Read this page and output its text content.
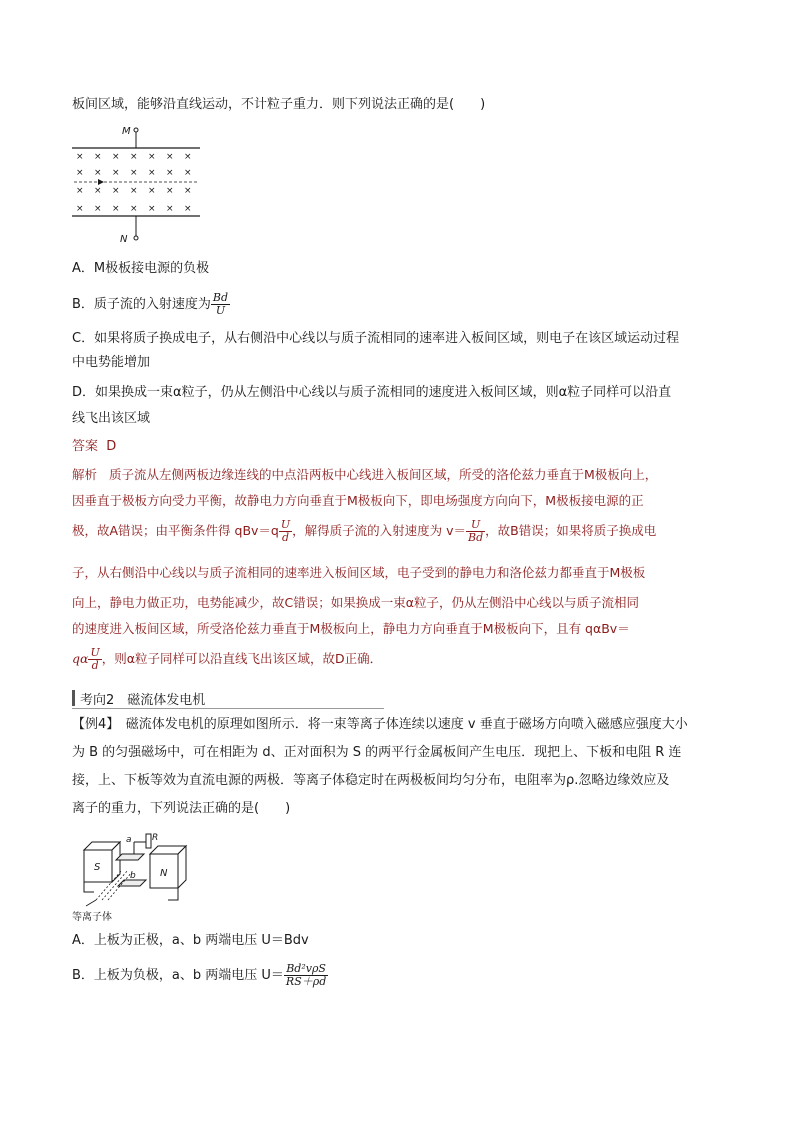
板间区域，能够沿直线运动，不计粒子重力．则下列说法正确的是(　　)
M
N
× × × × × × ×
× × × × × × ×
× × × × × × ×
× × × × × × ×
A．M极板接电源的负极
B．质子流的入射速度为 $\frac{Bd}{U}$
C．如果将质子换成电子，从右侧沿中心线以与质子流相同的速率进入板间区域，则电子在该区域运动过程
中电势能增加
D．如果换成一束α粒子，仍从左侧沿中心线以与质子流相同的速度进入板间区域，则α粒子同样可以沿直
线飞出该区域
答案 D
解析 质子流从左侧两板边缘连线的中点沿两板中心线进入板间区域，所受的洛伦兹力垂直于M极板向上，
因垂直于极板方向受力平衡，故静电力方向垂直于M极板向下，即电场强度方向向下，M极板接电源的正
极，故A错误；由平衡条件得 $qBv=q \frac{U}{d}$ ，解得质子流的入射速度为 $v= \frac{U}{Bd}$ ，故B错误；如果将质子换成电
子，从右侧沿中心线以与质子流相同的速率进入板间区域，电子受到的静电力和洛伦兹力都垂直于M极板
向上，静电力做正功，电势能减少，故C错误；如果换成一束α粒子，仍从左侧沿中心线以与质子流相同
的速度进入板间区域，所受洛伦兹力垂直于M极板向上，静电力方向垂直于M极板向下，且有 qαBv＝
qα $\frac{U}{d}$ ，则α粒子同样可以沿直线飞出该区域，故D正确．
考向2　磁流体发电机
【例4】　磁流体发电机的原理如图所示．将一束等离子体连续以速度 v 垂直于磁场方向喷入磁感应强度大小
为 B 的匀强磁场中，可在相距为 d、正对面积为 S 的两平行金属板间产生电压．现把上、下板和电阻 R 连
接，上、下板等效为直流电源的两极．等离子体稳定时在两极板间均匀分布，电阻率为ρ.忽略边缘效应及
离子的重力，下列说法正确的是(　　)
S
N
a R
b
等离子体
A．上板为正极，a、b 两端电压 U＝Bdv
B．上板为负极，a、b 两端电压 $U= \frac{\text{Bd²vρS}}{RS+\rho d}$
